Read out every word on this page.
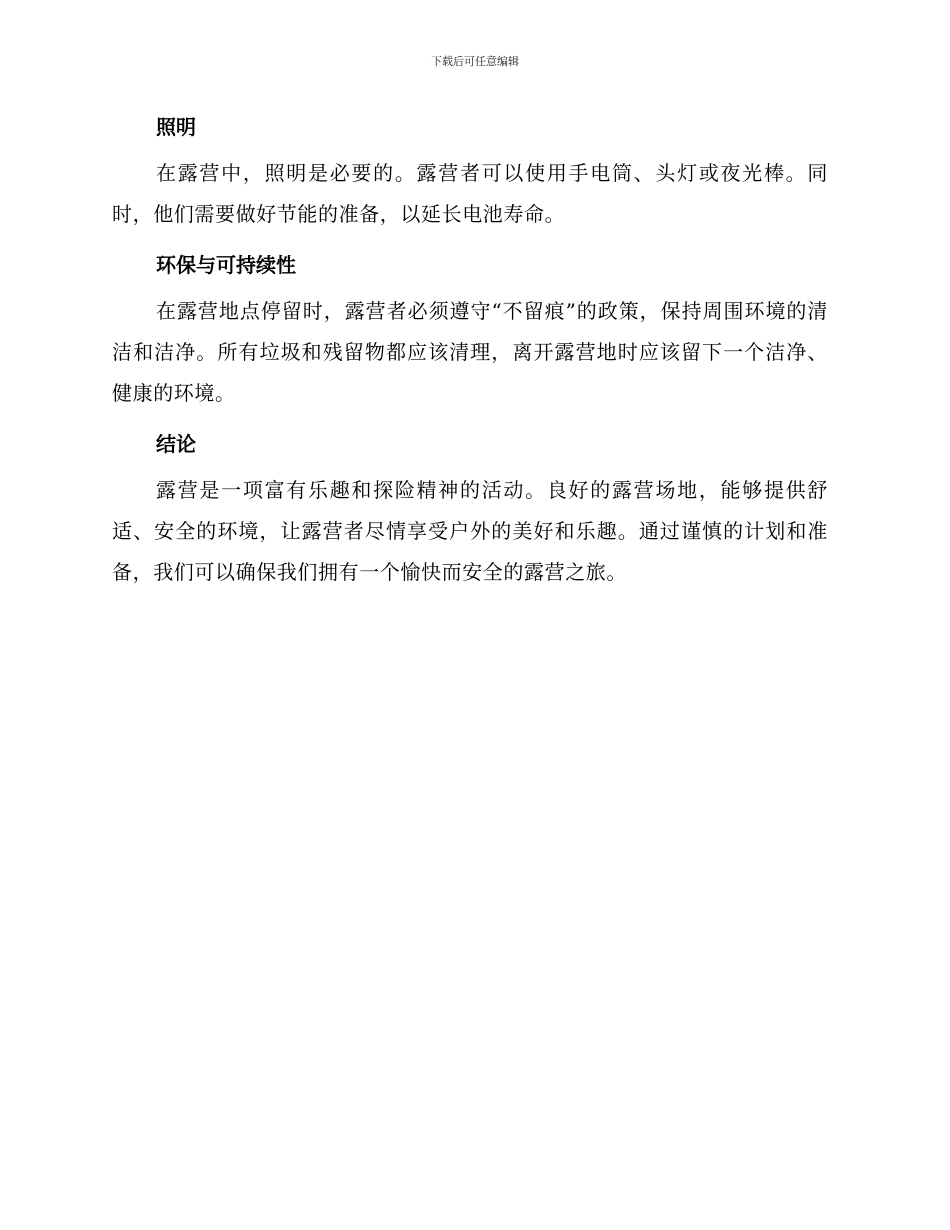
下载后可任意编辑
照明

在露营中，照明是必要的。露营者可以使用手电筒、头灯或夜光棒。同时，他们需要做好节能的准备，以延长电池寿命。

环保与可持续性

在露营地点停留时，露营者必须遵守“不留痕”的政策，保持周围环境的清洁和洁净。所有垃圾和残留物都应该清理，离开露营地时应该留下一个洁净、健康的环境。

结论

露营是一项富有乐趣和探险精神的活动。良好的露营场地，能够提供舒适、安全的环境，让露营者尽情享受户外的美好和乐趣。通过谨慎的计划和准备，我们可以确保我们拥有一个愉快而安全的露营之旅。
